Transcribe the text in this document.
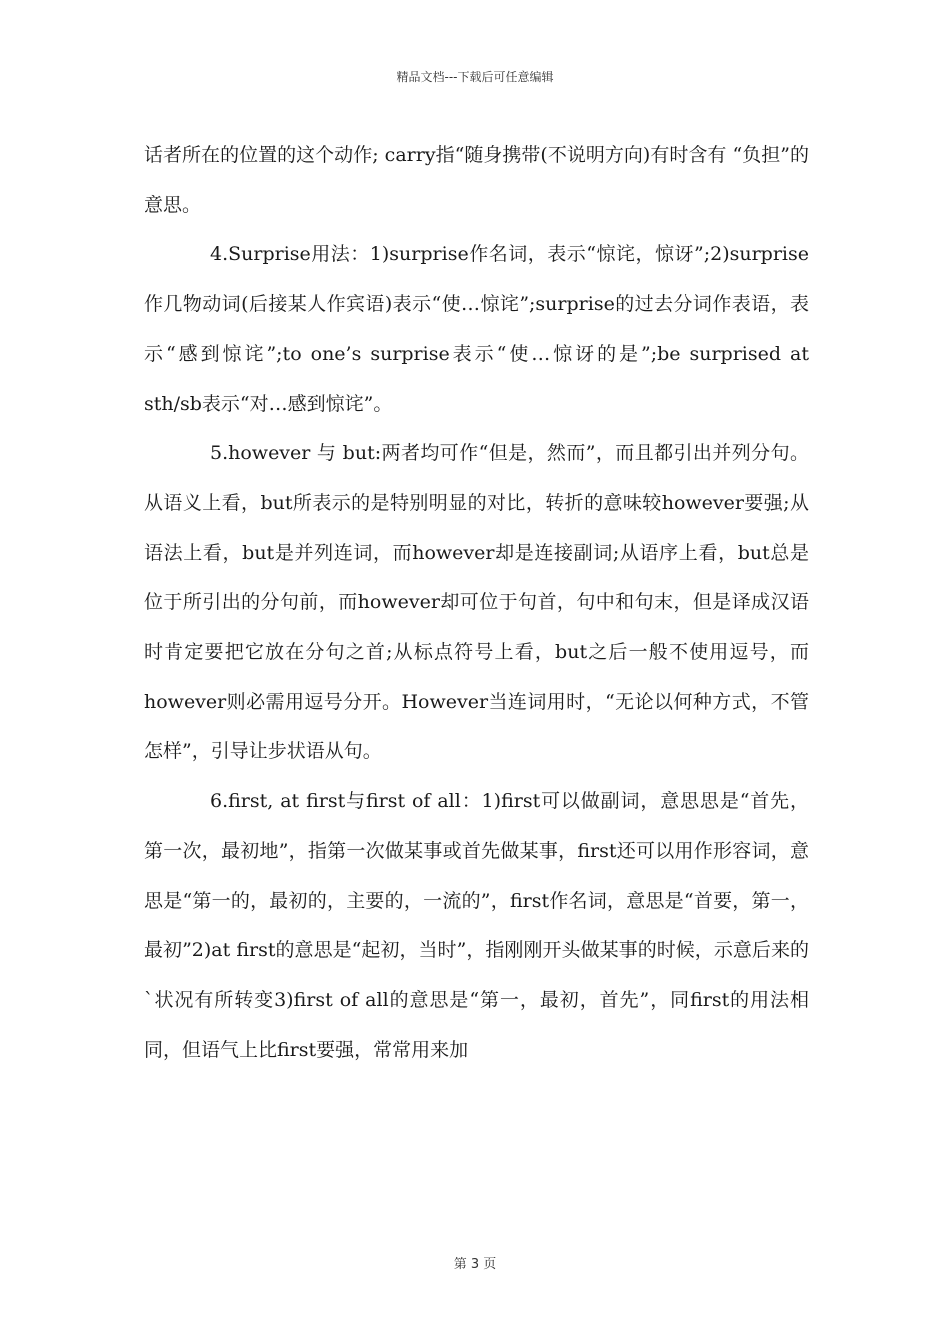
精品文档---下载后可任意编辑

话者所在的位置的这个动作; carry指“随身携带(不说明方向)有时含有 “负担”的意思。

4.Surprise用法：1)surprise作名词，表示“惊诧，惊讶”;2)surprise作几物动词(后接某人作宾语)表示“使…惊诧”;surprise的过去分词作表语，表示“感到惊诧”;to one’s surprise表示“使…惊讶的是”;be surprised at sth/sb表示“对…感到惊诧”。

5.however 与 but:两者均可作“但是，然而”，而且都引出并列分句。从语义上看，but所表示的是特别明显的对比，转折的意味较however要强;从语法上看，but是并列连词，而however却是连接副词;从语序上看，but总是位于所引出的分句前，而however却可位于句首，句中和句末，但是译成汉语时肯定要把它放在分句之首;从标点符号上看，but之后一般不使用逗号，而however则必需用逗号分开。However当连词用时，“无论以何种方式，不管怎样”，引导让步状语从句。

6.first, at first与first of all：1)first可以做副词，意思思是“首先，第一次，最初地”，指第一次做某事或首先做某事，first还可以用作形容词，意思是“第一的，最初的，主要的，一流的”，first作名词，意思是“首要，第一，最初”2)at first的意思是“起初，当时”，指刚刚开头做某事的时候，示意后来的`状况有所转变3)first of all的意思是“第一，最初，首先”，同first的用法相同，但语气上比first要强，常常用来加

第 3 页
